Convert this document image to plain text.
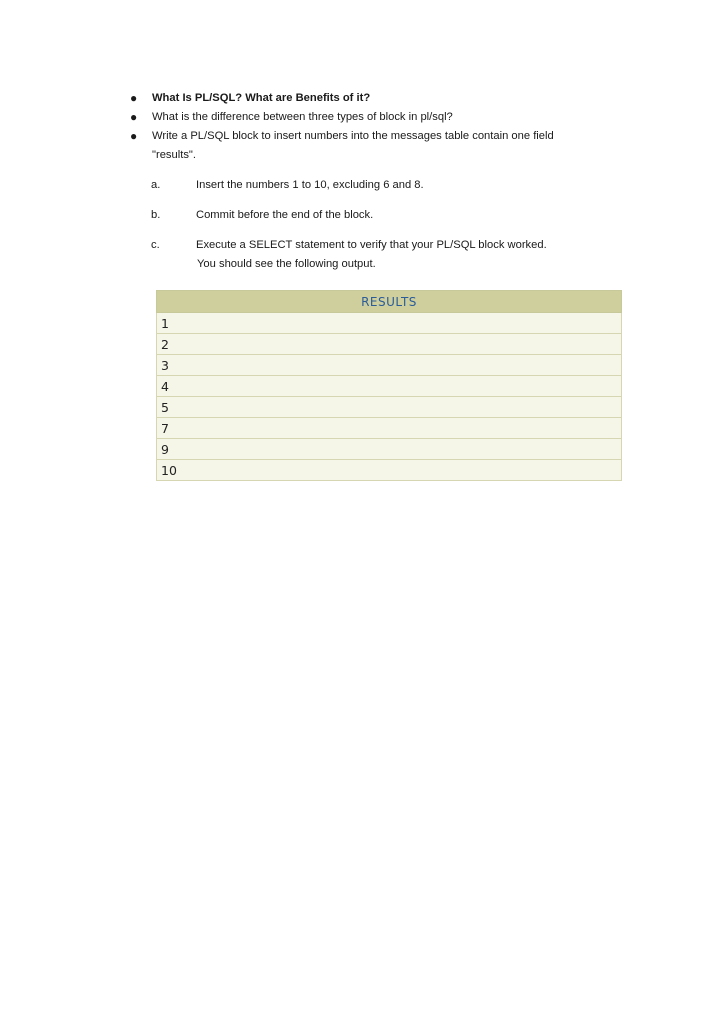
● What Is PL/SQL? What are Benefits of it?
● What is the difference between three types of block in pl/sql?
● Write a PL/SQL block to insert numbers into the messages table contain one field
"results".
a.	Insert the numbers 1 to 10, excluding 6 and 8.
b.	Commit before the end of the block.
c.	Execute a SELECT statement to verify that your PL/SQL block worked.
You should see the following output.
RESULTS
1
2
3
4
5
7
9
10
